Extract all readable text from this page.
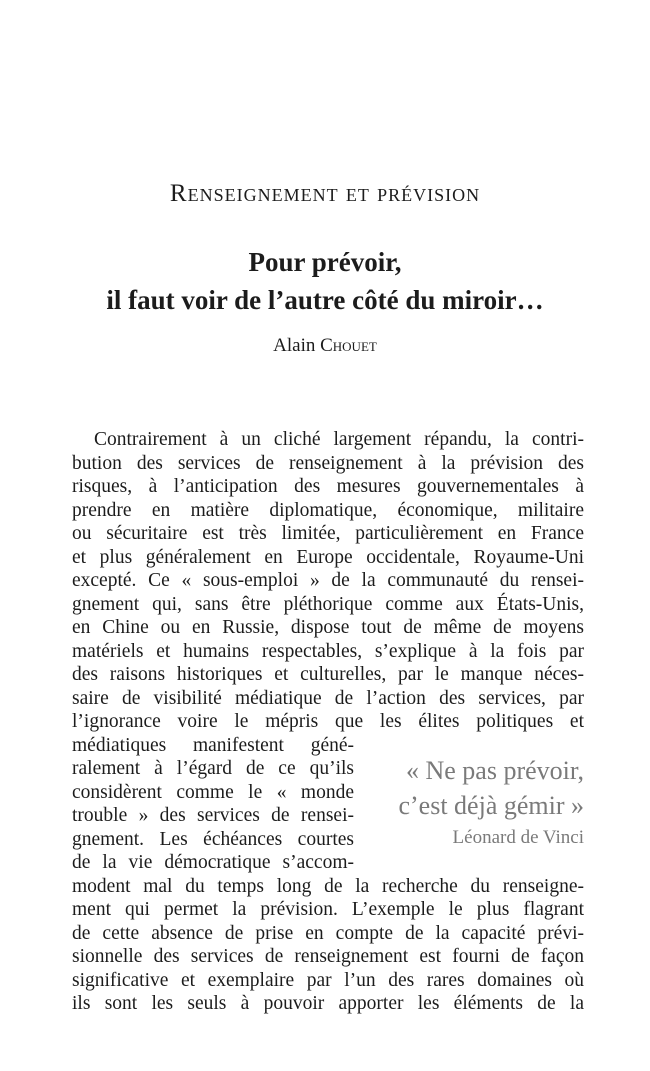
Renseignement et prévision
Pour prévoir,
il faut voir de l’autre côté du miroir…
Alain Chouet
Contrairement à un cliché largement répandu, la contri-
bution des services de renseignement à la prévision des
risques, à l’anticipation des mesures gouvernementales à
prendre en matière diplomatique, économique, militaire
ou sécuritaire est très limitée, particulièrement en France
et plus généralement en Europe occidentale, Royaume-Uni
excepté. Ce « sous-emploi » de la communauté du rensei-
gnement qui, sans être pléthorique comme aux États-Unis,
en Chine ou en Russie, dispose tout de même de moyens
matériels et humains respectables, s’explique à la fois par
des raisons historiques et culturelles, par le manque néces-
saire de visibilité médiatique de l’action des services, par
l’ignorance voire le mépris que les élites politiques et
médiatiques manifestent géné-
ralement à l’égard de ce qu’ils
considèrent comme le « monde
trouble » des services de rensei-
gnement. Les échéances courtes
de la vie démocratique s’accom-
modent mal du temps long de la recherche du renseigne-
ment qui permet la prévision. L’exemple le plus flagrant
de cette absence de prise en compte de la capacité prévi-
sionnelle des services de renseignement est fourni de façon
significative et exemplaire par l’un des rares domaines où
ils sont les seuls à pouvoir apporter les éléments de la
« Ne pas prévoir,
c’est déjà gémir »
Léonard de Vinci
